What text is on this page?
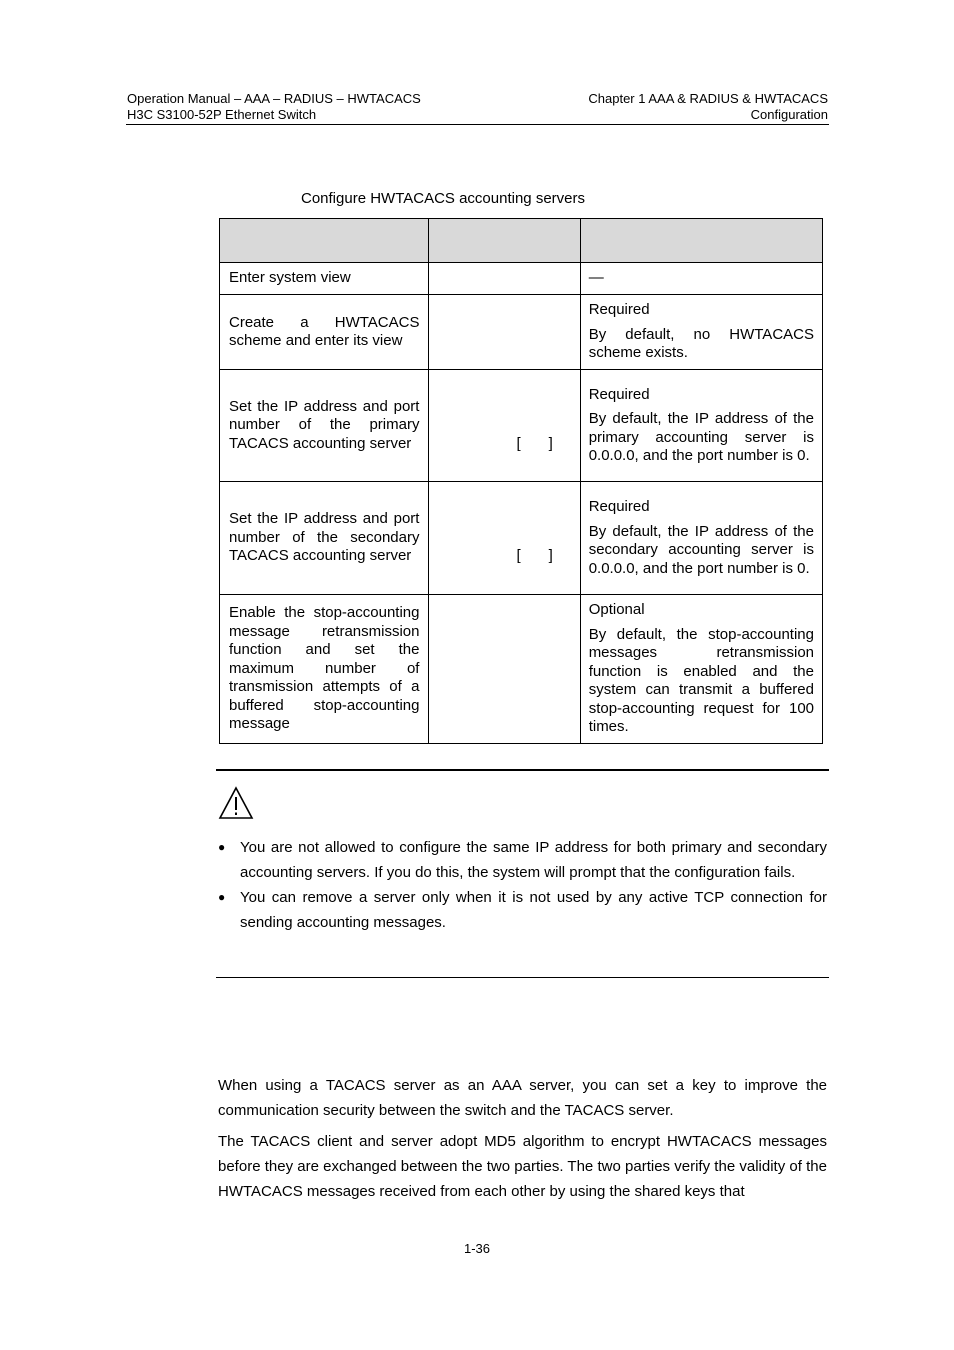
Operation Manual – AAA – RADIUS – HWTACACS
H3C S3100-52P Ethernet Switch
Chapter 1 AAA & RADIUS & HWTACACS
Configuration
Configure HWTACACS accounting servers

Enter system view		—

Create a HWTACACS scheme and enter its view		Required

By default, no HWTACACS scheme exists.

Set the IP address and port number of the primary TACACS accounting server	[ ]	Required

By default, the IP address of the primary accounting server is 0.0.0.0, and the port number is 0.

Set the IP address and port number of the secondary TACACS accounting server	[ ]	Required

By default, the IP address of the secondary accounting server is 0.0.0.0, and the port number is 0.

Enable the stop-accounting message retransmission function and set the maximum number of transmission attempts of a buffered stop-accounting message		Optional

By default, the stop-accounting messages retransmission function is enabled and the system can transmit a buffered stop-accounting request for 100 times.

● You are not allowed to configure the same IP address for both primary and secondary accounting servers. If you do this, the system will prompt that the configuration fails.
● You can remove a server only when it is not used by any active TCP connection for sending accounting messages.

When using a TACACS server as an AAA server, you can set a key to improve the communication security between the switch and the TACACS server.

The TACACS client and server adopt MD5 algorithm to encrypt HWTACACS messages before they are exchanged between the two parties. The two parties verify the validity of the HWTACACS messages received from each other by using the shared keys that

1-36
